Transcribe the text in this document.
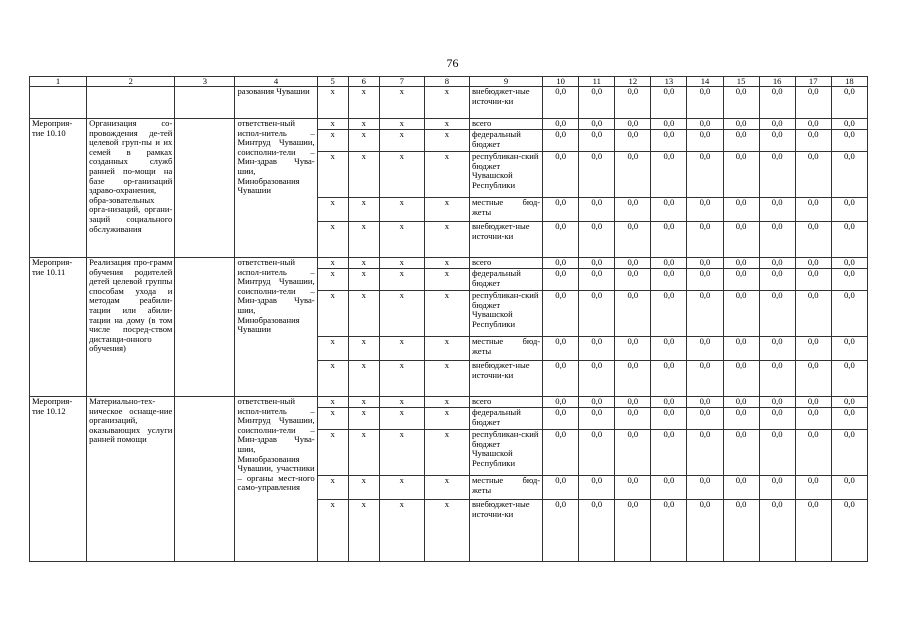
76
1	2	3	4	5	6	7	8	9	10	11	12	13	14	15	16	17	18
			разования Чувашии	x	x	x	x	внебюджет-ные источни-ки	0,0	0,0	0,0	0,0	0,0	0,0	0,0	0,0	0,0
Мероприя-тие 10.10	Организация со-провождения де-тей целевой груп-пы и их семей в рамках созданных служб ранней по-мощи на базе ор-ганизаций здраво-охранения, обра-зовательных орга-низаций, органи-заций социального обслуживания		ответствен-ный испол-нитель – Минтруд Чувашии, соисполни-тели – Мин-здрав Чува-шии, Минобразования Чувашии	x	x	x	x	всего	0,0	0,0	0,0	0,0	0,0	0,0	0,0	0,0	0,0
				x	x	x	x	федеральный бюджет	0,0	0,0	0,0	0,0	0,0	0,0	0,0	0,0	0,0
				x	x	x	x	республикан-ский бюджет Чувашской Республики	0,0	0,0	0,0	0,0	0,0	0,0	0,0	0,0	0,0
				x	x	x	x	местные бюд-жеты	0,0	0,0	0,0	0,0	0,0	0,0	0,0	0,0	0,0
				x	x	x	x	внебюджет-ные источни-ки	0,0	0,0	0,0	0,0	0,0	0,0	0,0	0,0	0,0
Мероприя-тие 10.11	Реализация про-грамм обучения родителей детей целевой группы способам ухода и методам реабили-тации или абили-тации на дому (в том числе посред-ством дистанци-онного обучения)		ответствен-ный испол-нитель – Минтруд Чувашии, соисполни-тели – Мин-здрав Чува-шии, Минобразования Чувашии	x	x	x	x	всего	0,0	0,0	0,0	0,0	0,0	0,0	0,0	0,0	0,0
				x	x	x	x	федеральный бюджет	0,0	0,0	0,0	0,0	0,0	0,0	0,0	0,0	0,0
				x	x	x	x	республикан-ский бюджет Чувашской Республики	0,0	0,0	0,0	0,0	0,0	0,0	0,0	0,0	0,0
				x	x	x	x	местные бюд-жеты	0,0	0,0	0,0	0,0	0,0	0,0	0,0	0,0	0,0
				x	x	x	x	внебюджет-ные источни-ки	0,0	0,0	0,0	0,0	0,0	0,0	0,0	0,0	0,0
Мероприя-тие 10.12	Материально-тех-ническое оснаще-ние организаций, оказывающих услуги ранней помощи		ответствен-ный испол-нитель – Минтруд Чувашии, соисполни-тели – Мин-здрав Чува-шии, Минобразования Чувашии, участники – органы мест-ного само-управления	x	x	x	x	всего	0,0	0,0	0,0	0,0	0,0	0,0	0,0	0,0	0,0
				x	x	x	x	федеральный бюджет	0,0	0,0	0,0	0,0	0,0	0,0	0,0	0,0	0,0
				x	x	x	x	республикан-ский бюджет Чувашской Республики	0,0	0,0	0,0	0,0	0,0	0,0	0,0	0,0	0,0
				x	x	x	x	местные бюд-жеты	0,0	0,0	0,0	0,0	0,0	0,0	0,0	0,0	0,0
				x	x	x	x	внебюджет-ные источни-ки	0,0	0,0	0,0	0,0	0,0	0,0	0,0	0,0	0,0
